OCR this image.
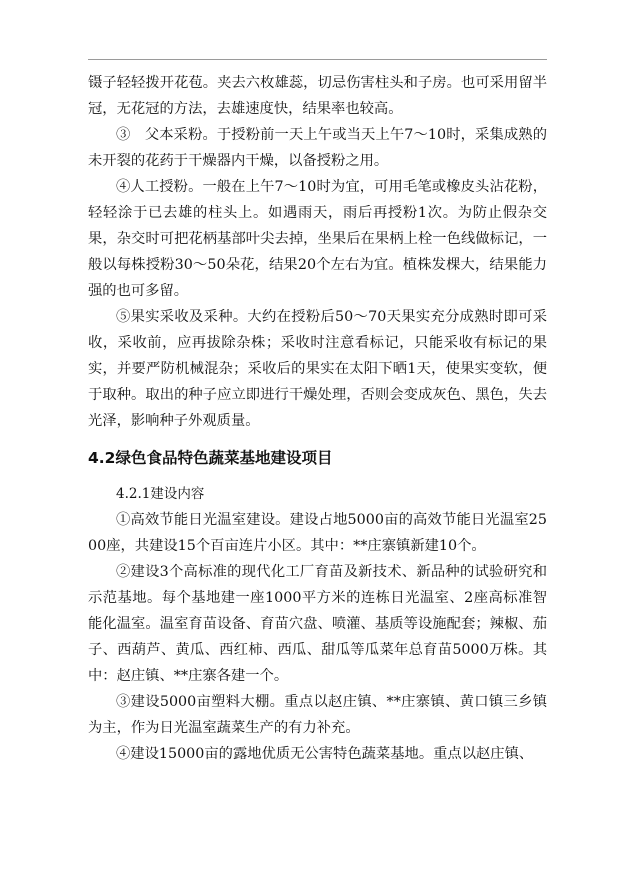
镊子轻轻拨开花苞。夹去六枚雄蕊，切忌伤害柱头和子房。也可采用留半冠，无花冠的方法，去雄速度快，结果率也较高。

③　父本采粉。于授粉前一天上午或当天上午7～10时，采集成熟的未开裂的花药于干燥器内干燥，以备授粉之用。

④人工授粉。一般在上午7～10时为宜，可用毛笔或橡皮头沾花粉，轻轻涂于已去雄的柱头上。如遇雨天，雨后再授粉1次。为防止假杂交果，杂交时可把花柄基部叶尖去掉，坐果后在果柄上栓一色线做标记，一般以每株授粉30～50朵花，结果20个左右为宜。植株发棵大，结果能力强的也可多留。

⑤果实采收及采种。大约在授粉后50～70天果实充分成熟时即可采收，采收前，应再拔除杂株；采收时注意看标记，只能采收有标记的果实，并要严防机械混杂；采收后的果实在太阳下晒1天，使果实变软，便于取种。取出的种子应立即进行干燥处理，否则会变成灰色、黑色，失去光泽，影响种子外观质量。

4.2绿色食品特色蔬菜基地建设项目
4.2.1建设内容

①高效节能日光温室建设。建设占地5000亩的高效节能日光温室2500座，共建设15个百亩连片小区。其中：**庄寨镇新建10个。

②建设3个高标准的现代化工厂育苗及新技术、新品种的试验研究和示范基地。每个基地建一座1000平方米的连栋日光温室、2座高标准智能化温室。温室育苗设备、育苗穴盘、喷灌、基质等设施配套；辣椒、茄子、西葫芦、黄瓜、西红柿、西瓜、甜瓜等瓜菜年总育苗5000万株。其中：赵庄镇、**庄寨各建一个。

③建设5000亩塑料大棚。重点以赵庄镇、**庄寨镇、黄口镇三乡镇为主，作为日光温室蔬菜生产的有力补充。

④建设15000亩的露地优质无公害特色蔬菜基地。重点以赵庄镇、
